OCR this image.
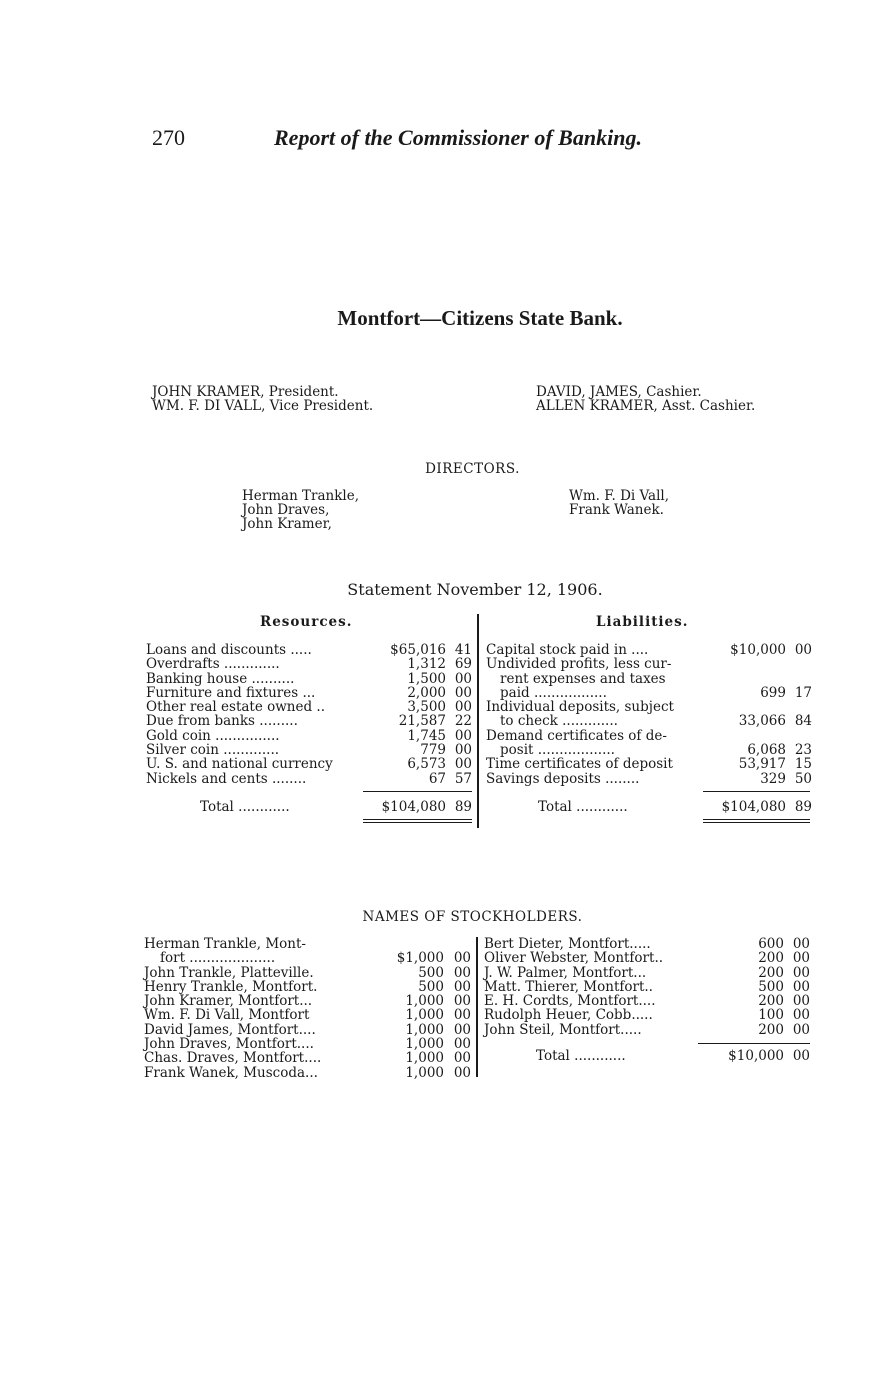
270	Report of the Commissioner of Banking.
Montfort—Citizens State Bank.
JOHN KRAMER, President.
WM. F. DI VALL, Vice President.
DAVID, JAMES, Cashier.
ALLEN KRAMER, Asst. Cashier.
DIRECTORS.
Herman Trankle,
John Draves,
John Kramer,
Wm. F. Di Vall,
Frank Wanek.
Statement November 12, 1906.
Resources.	Liabilities.
Loans and discounts .....	$65,016 41
Overdrafts .............	1,312 69
Banking house ..........	1,500 00
Furniture and fixtures ...	2,000 00
Other real estate owned ..	3,500 00
Due from banks .........	21,587 22
Gold coin ...............	1,745 00
Silver coin .............	779 00
U. S. and national currency	6,573 00
Nickels and cents ........	67 57
Total ............	$104,080 89
Capital stock paid in ....	$10,000 00
Undivided profits, less cur-
rent expenses and taxes
paid .................	699 17
Individual deposits, subject
to check .............	33,066 84
Demand certificates of de-
posit ..................	6,068 23
Time certificates of deposit	53,917 15
Savings deposits ........	329 50
Total ............	$104,080 89
NAMES OF STOCKHOLDERS.
Herman Trankle, Mont-
fort ....................	$1,000 00
John Trankle, Platteville.	500 00
Henry Trankle, Montfort.	500 00
John Kramer, Montfort...	1,000 00
Wm. F. Di Vall, Montfort	1,000 00
David James, Montfort....	1,000 00
John Draves, Montfort....	1,000 00
Chas. Draves, Montfort....	1,000 00
Frank Wanek, Muscoda...	1,000 00
Bert Dieter, Montfort.....	600 00
Oliver Webster, Montfort..	200 00
J. W. Palmer, Montfort...	200 00
Matt. Thierer, Montfort..	500 00
E. H. Cordts, Montfort....	200 00
Rudolph Heuer, Cobb.....	100 00
John Steil, Montfort.....	200 00
Total ............	$10,000 00
